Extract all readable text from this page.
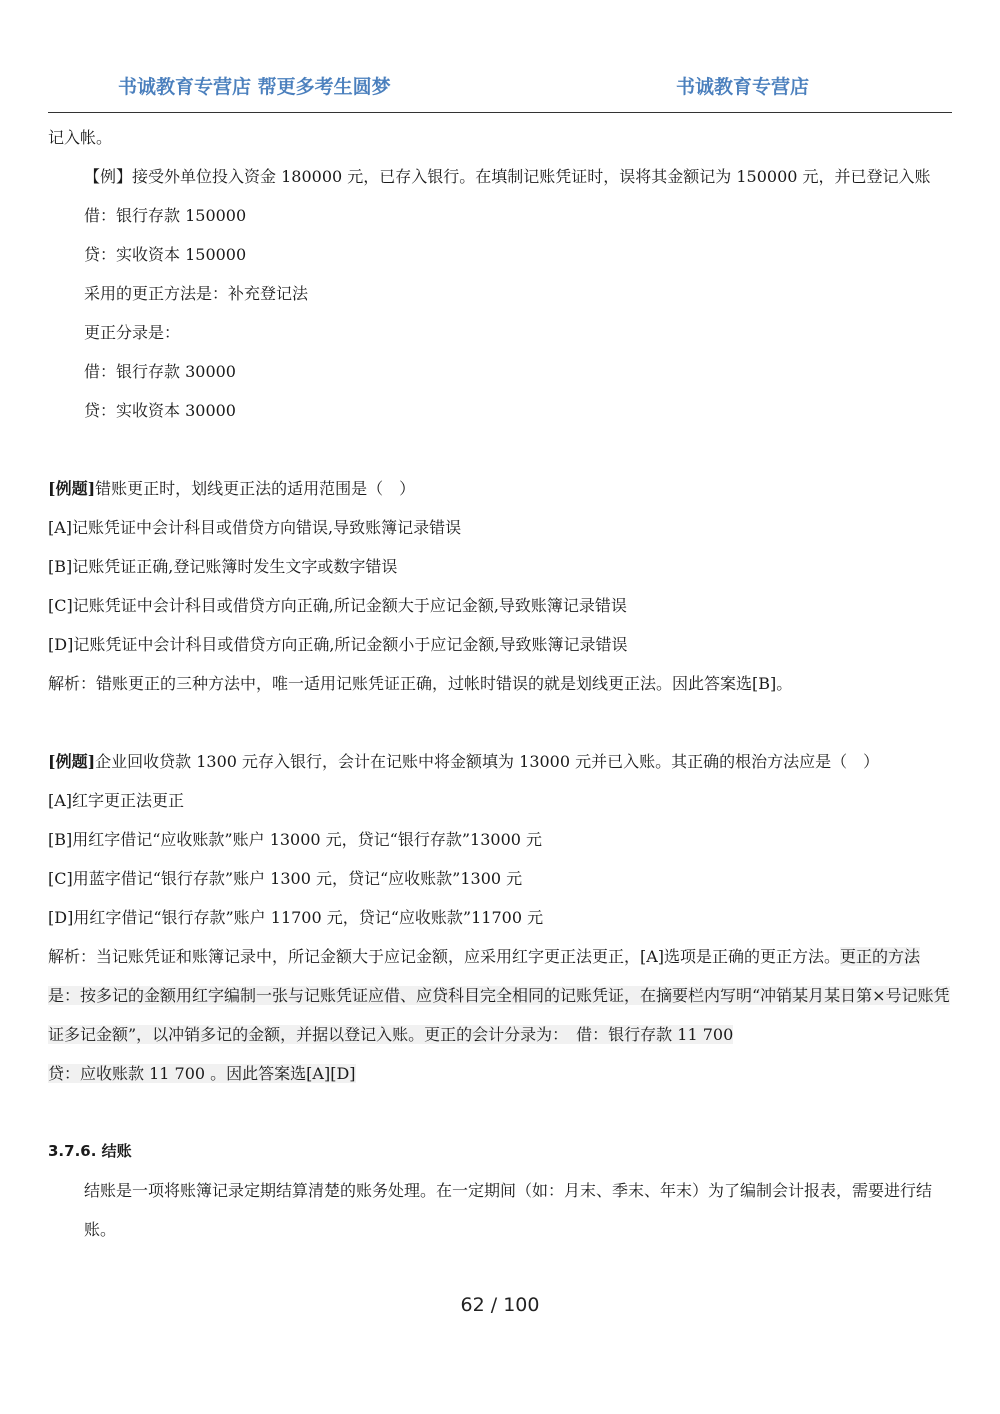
书诚教育专营店 帮更多考生圆梦	书诚教育专营店

记入帐。

【例】接受外单位投入资金 180000 元，已存入银行。在填制记账凭证时，误将其金额记为 150000 元，并已登记入账

借：银行存款 150000

贷：实收资本 150000

采用的更正方法是：补充登记法

更正分录是：

借：银行存款 30000

贷：实收资本 30000

[例题]错账更正时，划线更正法的适用范围是（　）

[A]记账凭证中会计科目或借贷方向错误,导致账簿记录错误

[B]记账凭证正确,登记账簿时发生文字或数字错误

[C]记账凭证中会计科目或借贷方向正确,所记金额大于应记金额,导致账簿记录错误

[D]记账凭证中会计科目或借贷方向正确,所记金额小于应记金额,导致账簿记录错误

解析：错账更正的三种方法中，唯一适用记账凭证正确，过帐时错误的就是划线更正法。因此答案选[B]。

[例题]企业回收贷款 1300 元存入银行，会计在记账中将金额填为 13000 元并已入账。其正确的根治方法应是（　）

[A]红字更正法更正

[B]用红字借记“应收账款”账户 13000 元，贷记“银行存款”13000 元

[C]用蓝字借记“银行存款”账户 1300 元，贷记“应收账款”1300 元

[D]用红字借记“银行存款”账户 11700 元，贷记“应收账款”11700 元

解析：当记账凭证和账簿记录中，所记金额大于应记金额，应采用红字更正法更正，[A]选项是正确的更正方法。更正的方法是：按多记的金额用红字编制一张与记账凭证应借、应贷科目完全相同的记账凭证，在摘要栏内写明“冲销某月某日第×号记账凭证多记金额”，以冲销多记的金额，并据以登记入账。更正的会计分录为：　借：银行存款 11 700
贷：应收账款 11 700 。因此答案选[A][D]

3.7.6. 结账

结账是一项将账簿记录定期结算清楚的账务处理。在一定期间（如：月末、季末、年末）为了编制会计报表，需要进行结账。

62 / 100
